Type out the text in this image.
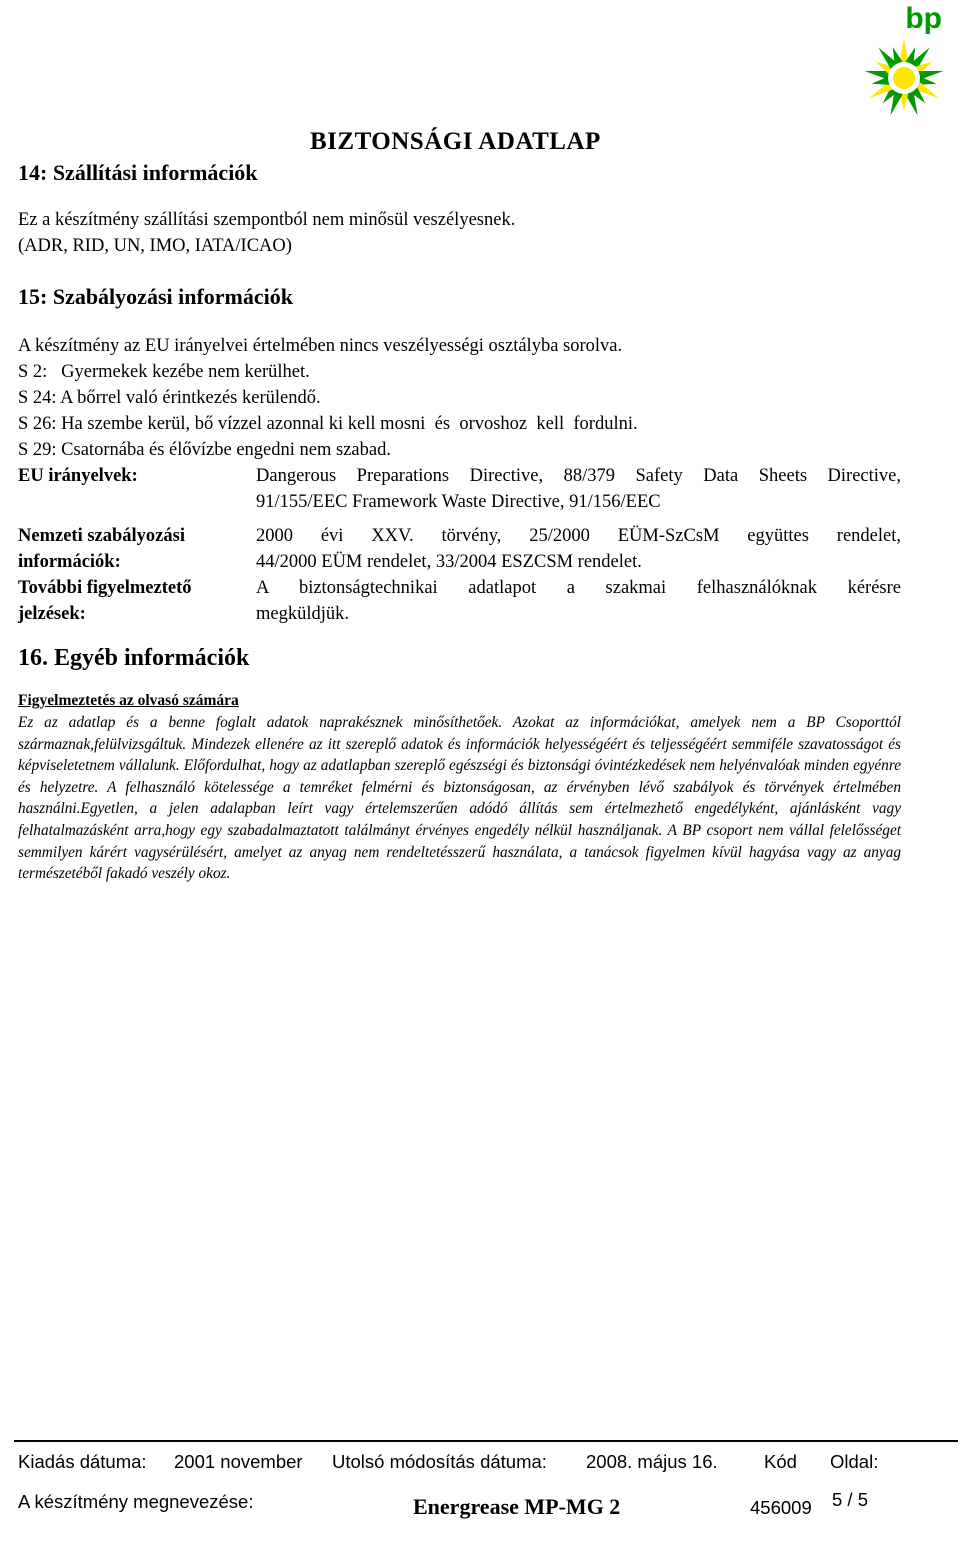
bp
BIZTONSÁGI ADATLAP
14: Szállítási információk
Ez a készítmény szállítási szempontból nem minősül veszélyesnek.
(ADR, RID, UN, IMO, IATA/ICAO)
15: Szabályozási információk
A készítmény az EU irányelvei értelmében nincs veszélyességi osztályba sorolva.
S 2:   Gyermekek kezébe nem kerülhet.
S 24: A bőrrel való érintkezés kerülendő.
S 26: Ha szembe kerül, bő vízzel azonnal ki kell mosni  és  orvoshoz  kell  fordulni.
S 29: Csatornába és élővízbe engedni nem szabad.
EU irányelvek:	Dangerous Preparations Directive, 88/379 Safety Data Sheets Directive,
91/155/EEC Framework Waste Directive, 91/156/EEC
Nemzeti szabályozási
információk:
2000 évi XXV. törvény, 25/2000 EÜM-SzCsM együttes rendelet,
44/2000 EÜM rendelet, 33/2004 ESZCSM rendelet.
További figyelmeztető
jelzések:
A biztonságtechnikai adatlapot a szakmai felhasználóknak kérésre
megküldjük.
16. Egyéb információk
Figyelmeztetés az olvasó számára
Ez az adatlap és a benne foglalt adatok naprakésznek minősíthetőek. Azokat az információkat, amelyek nem a BP Csoporttól származnak,felülvizsgáltuk. Mindezek ellenére az itt szereplő adatok és információk helyességéért és teljességéért semmiféle szavatosságot és képviseletetnem vállalunk. Előfordulhat, hogy az adatlapban szereplő egészségi és biztonsági óvintézkedések nem helyénvalóak minden egyénre és helyzetre. A felhasználó kötelessége a temréket felmérni és biztonságosan, az érvényben lévő szabályok és törvények értelmében használni.Egyetlen, a jelen adalapban leírt vagy értelemszerűen adódó állítás sem értelmezhető engedélyként, ajánlásként vagy felhatalmazásként arra,hogy egy szabadalmaztatott találmányt érvényes engedély nélkül használjanak. A BP csoport nem vállal felelősséget semmilyen kárért vagysérülésért, amelyet az anyag nem rendeltetésszerű használata, a tanácsok figyelmen kívül hagyása vagy az anyag természetéből fakadó veszély okoz.
Kiadás dátuma: 2001 november Utolsó módosítás dátuma: 2008. május 16.	Kód Oldal:
A készítmény megnevezése:	Energrease MP-MG 2	456009 5 / 5
